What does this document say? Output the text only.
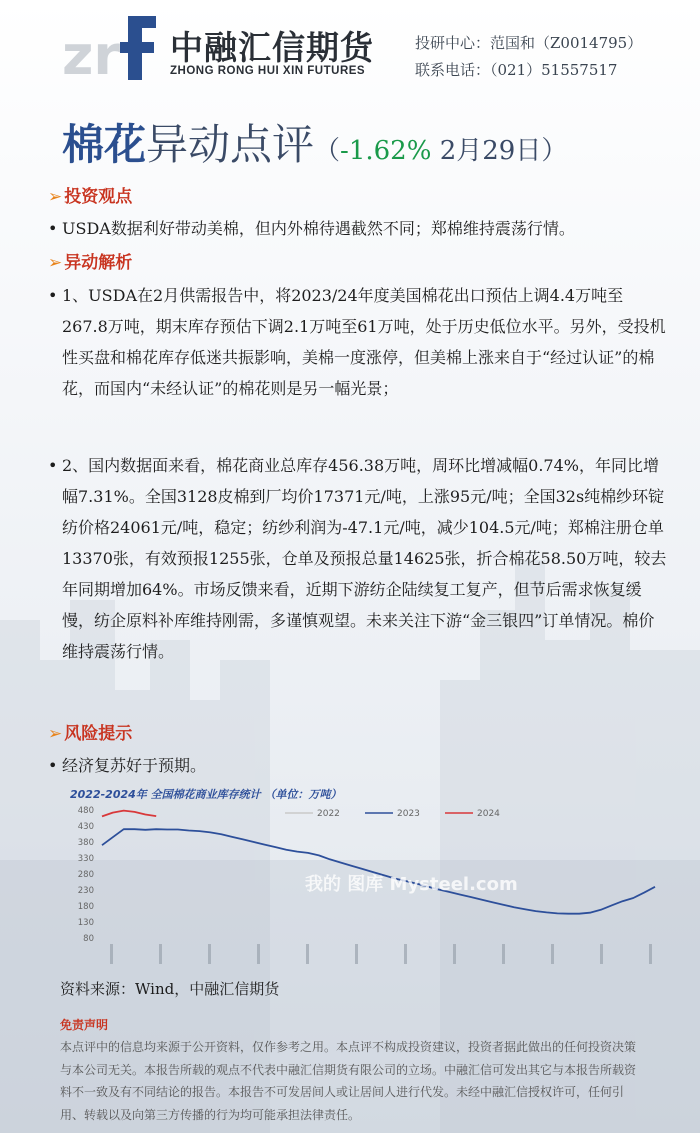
zr 中融汇信期货
ZHONG RONG HUI XIN FUTURES
投研中心：范国和（Z0014795）
联系电话：（021）51557517
棉花异动点评（-1.62% 2月29日）
➢ 投资观点
• USDA数据利好带动美棉，但内外棉待遇截然不同；郑棉维持震荡行情。
➢ 异动解析
• 1、USDA在2月供需报告中，将2023/24年度美国棉花出口预估上调4.4万吨至267.8万吨，期末库存预估下调2.1万吨至61万吨，处于历史低位水平。另外，受投机性买盘和棉花库存低迷共振影响，美棉一度涨停，但美棉上涨来自于“经过认证”的棉花，而国内“未经认证”的棉花则是另一幅光景；
• 2、国内数据面来看，棉花商业总库存456.38万吨，周环比增减幅0.74%，年同比增幅7.31%。全国3128皮棉到厂均价17371元/吨，上涨95元/吨；全国32s纯棉纱环锭纺价格24061元/吨，稳定；纺纱利润为-47.1元/吨，减少104.5元/吨；郑棉注册仓单13370张，有效预报1255张，仓单及预报总量14625张，折合棉花58.50万吨，较去年同期增加64%。市场反馈来看，近期下游纺企陆续复工复产，但节后需求恢复缓慢，纺企原料补库维持刚需，多谨慎观望。未来关注下游“金三银四”订单情况。棉价维持震荡行情。
➢ 风险提示
• 经济复苏好于预期。
2022-2024年 全国棉花商业库存统计 （单位：万吨）
80
130
180
230
280
330
380
430
480	2022	2023	2024
我的 图库 Mysteel.com
资料来源：Wind，中融汇信期货
免责声明
本点评中的信息均来源于公开资料，仅作参考之用。本点评不构成投资建议，投资者据此做出的任何投资决策与本公司无关。本报告所载的观点不代表中融汇信期货有限公司的立场。中融汇信可发出其它与本报告所载资料不一致及有不同结论的报告。本报告不可发居间人或让居间人进行代发。未经中融汇信授权许可，任何引用、转载以及向第三方传播的行为均可能承担法律责任。
